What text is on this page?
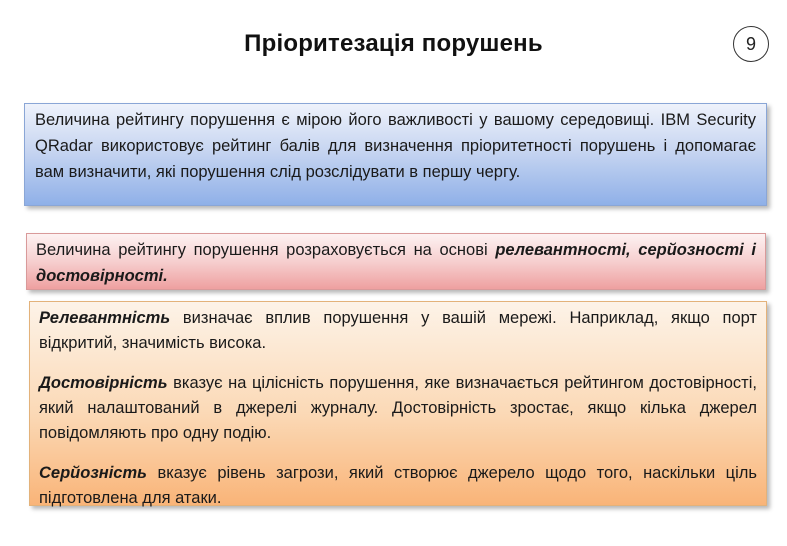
Пріоритезація порушень	9
Величина рейтингу порушення є мірою його важливості у вашому середовищі. IBM Security QRadar використовує рейтинг балів для визначення пріоритетності порушень і допомагає вам визначити, які порушення слід розслідувати в першу чергу.
Величина рейтингу порушення розраховується на основі релевантності, серйозності і достовірності.

Релевантність визначає вплив порушення у вашій мережі. Наприклад, якщо порт відкритий, значимість висока.

Достовірність вказує на цілісність порушення, яке визначається рейтингом достовірності, який налаштований в джерелі журналу. Достовірність зростає, якщо кілька джерел повідомляють про одну подію.

Серйозність вказує рівень загрози, який створює джерело щодо того, наскільки ціль підготовлена для атаки.
